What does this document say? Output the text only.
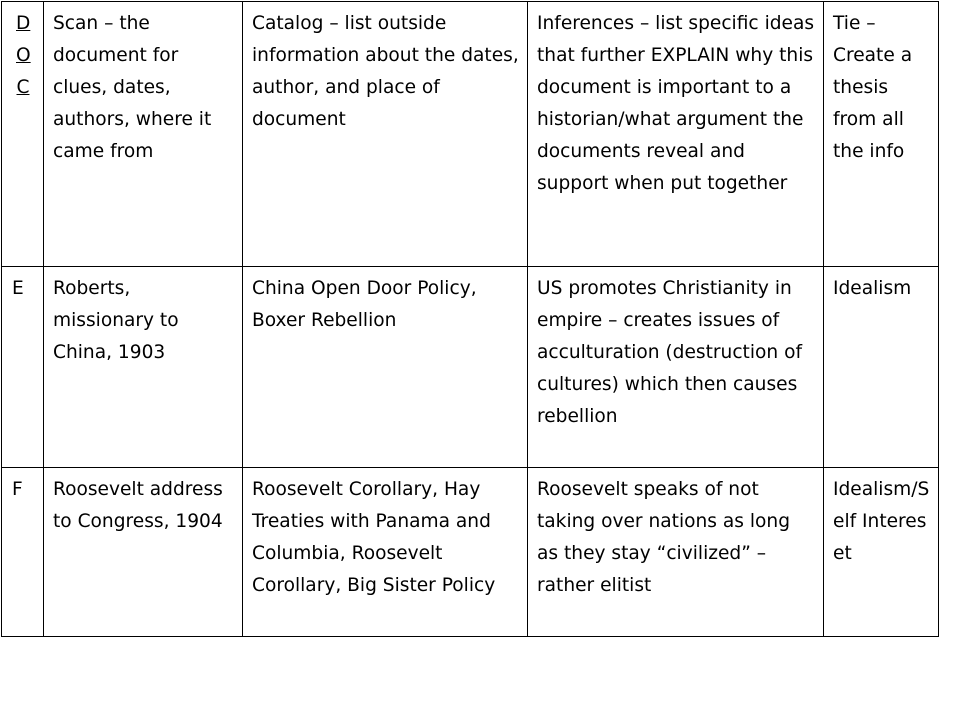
DOC	Scan – the document for clues, dates, authors, where it came from	Catalog – list outside information about the dates, author, and place of document	Inferences – list specific ideas that further EXPLAIN why this document is important to a historian/what argument the documents reveal and support when put together	Tie – Create a thesis from all the info
E	Roberts, missionary to China, 1903	China Open Door Policy, Boxer Rebellion	US promotes Christianity in empire – creates issues of acculturation (destruction of cultures) which then causes rebellion	Idealism
F	Roosevelt address to Congress, 1904	Roosevelt Corollary, Hay Treaties with Panama and Columbia, Roosevelt Corollary, Big Sister Policy	Roosevelt speaks of not taking over nations as long as they stay “civilized” – rather elitist	Idealism/Self Intereset
